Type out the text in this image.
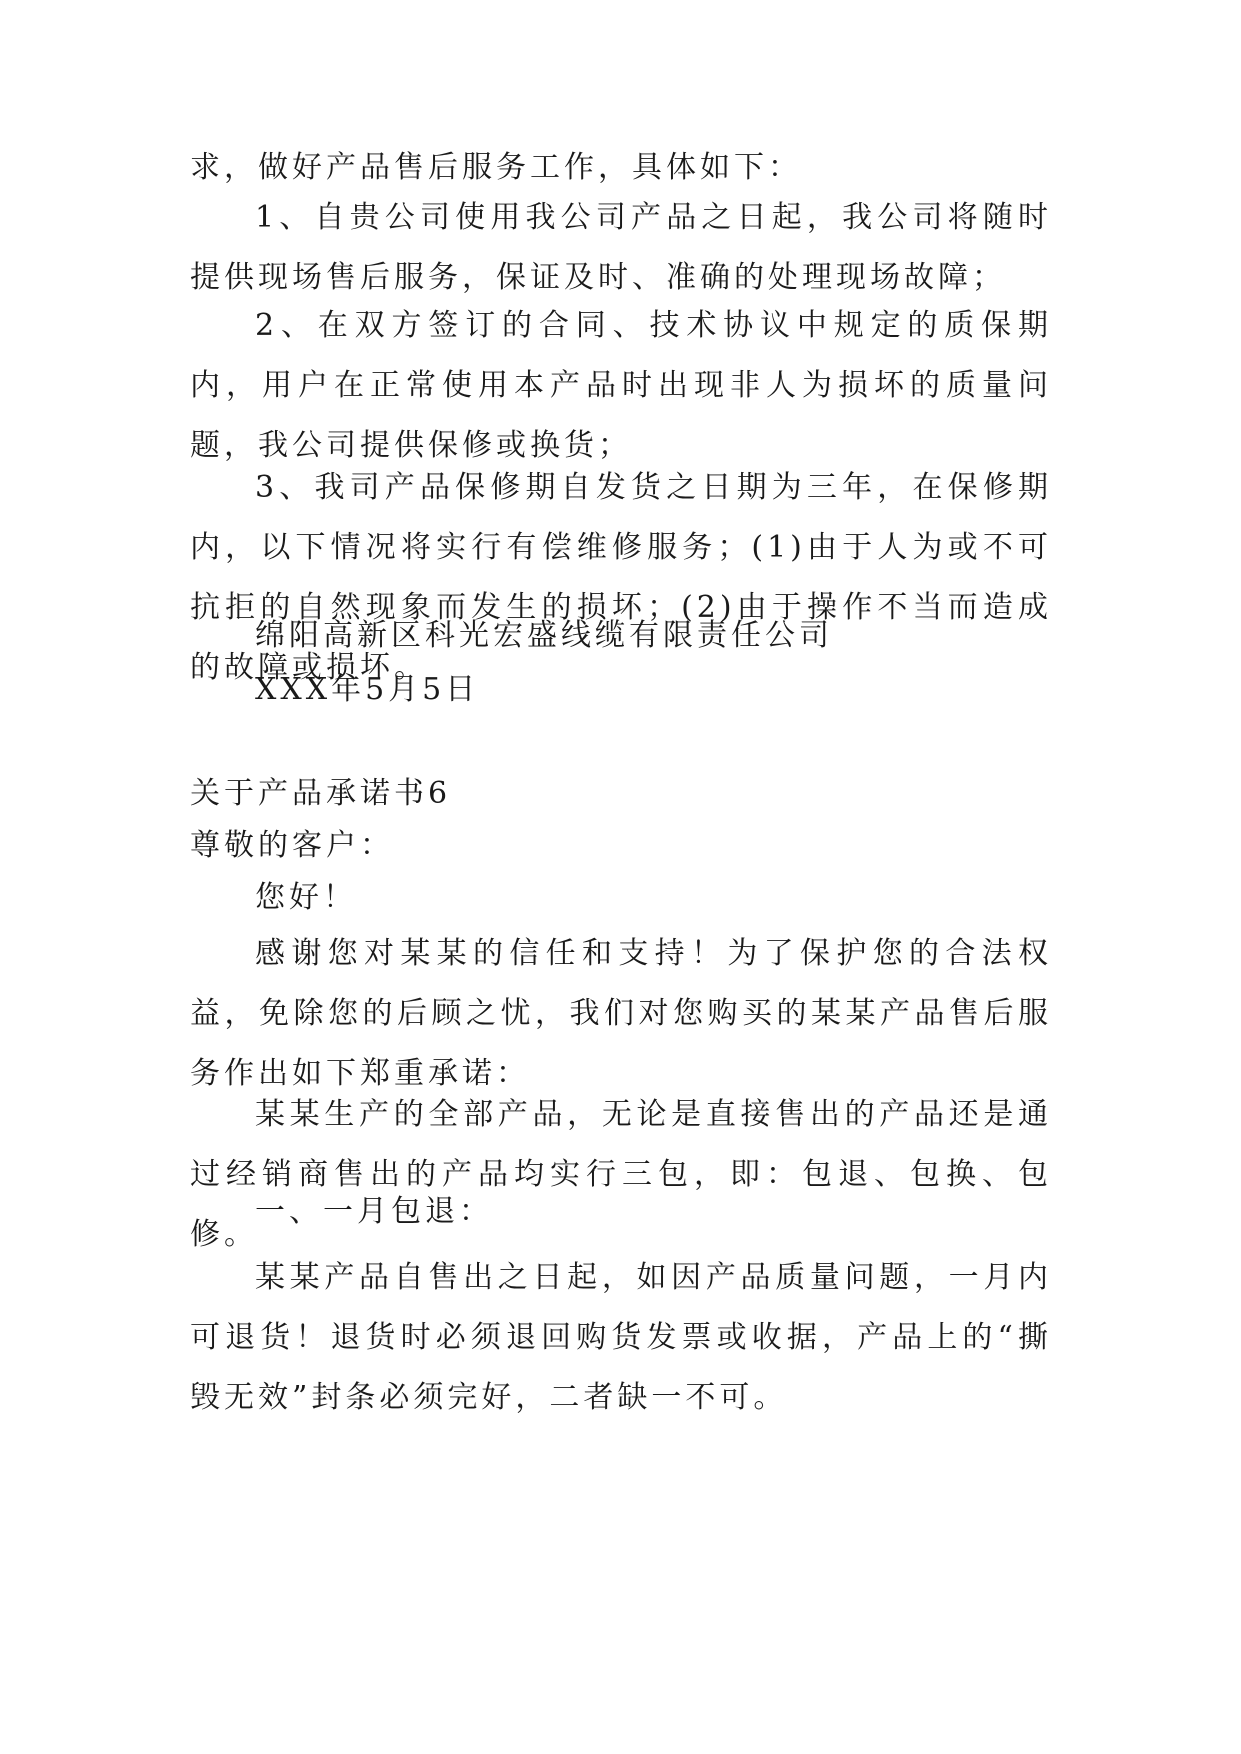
求，做好产品售后服务工作，具体如下：
1、自贵公司使用我公司产品之日起，我公司将随时提供现场售后服务，保证及时、准确的处理现场故障；
2、在双方签订的合同、技术协议中规定的质保期内，用户在正常使用本产品时出现非人为损坏的质量问题，我公司提供保修或换货；
3、我司产品保修期自发货之日期为三年，在保修期内，以下情况将实行有偿维修服务；(1)由于人为或不可抗拒的自然现象而发生的损坏；(2)由于操作不当而造成的故障或损坏。
绵阳高新区科光宏盛线缆有限责任公司
XXX年5月5日
关于产品承诺书6
尊敬的客户：
您好！
感谢您对某某的信任和支持！为了保护您的合法权益，免除您的后顾之忧，我们对您购买的某某产品售后服务作出如下郑重承诺：
某某生产的全部产品，无论是直接售出的产品还是通过经销商售出的产品均实行三包，即：包退、包换、包修。
一、一月包退：
某某产品自售出之日起，如因产品质量问题，一月内可退货！退货时必须退回购货发票或收据，产品上的“撕毁无效”封条必须完好，二者缺一不可。
